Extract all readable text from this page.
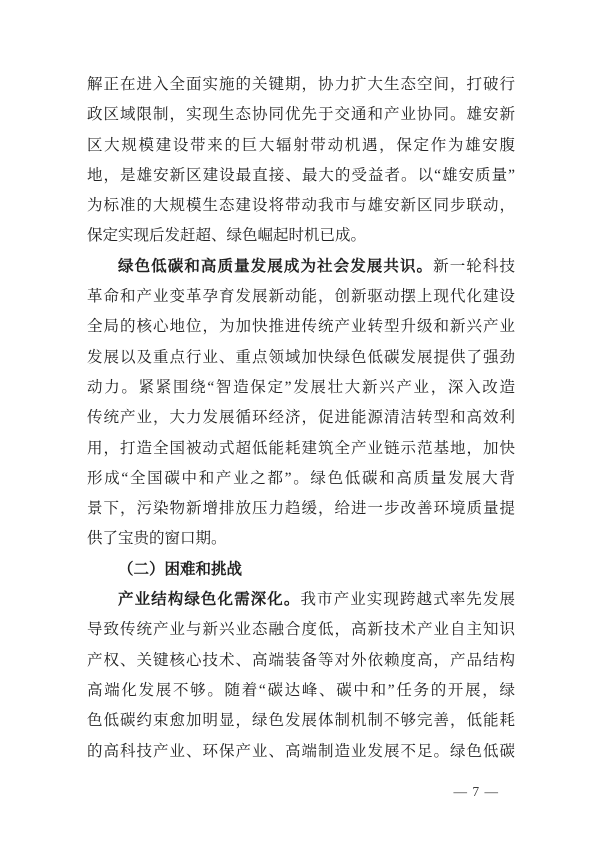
解正在进入全面实施的关键期，协力扩大生态空间，打破行
政区域限制，实现生态协同优先于交通和产业协同。雄安新
区大规模建设带来的巨大辐射带动机遇，保定作为雄安腹
地，是雄安新区建设最直接、最大的受益者。以“雄安质量”
为标准的大规模生态建设将带动我市与雄安新区同步联动，
保定实现后发赶超、绿色崛起时机已成。
绿色低碳和高质量发展成为社会发展共识。新一轮科技
革命和产业变革孕育发展新动能，创新驱动摆上现代化建设
全局的核心地位，为加快推进传统产业转型升级和新兴产业
发展以及重点行业、重点领域加快绿色低碳发展提供了强劲
动力。紧紧围绕“智造保定”发展壮大新兴产业，深入改造
传统产业，大力发展循环经济，促进能源清洁转型和高效利
用，打造全国被动式超低能耗建筑全产业链示范基地，加快
形成“全国碳中和产业之都”。绿色低碳和高质量发展大背
景下，污染物新增排放压力趋缓，给进一步改善环境质量提
供了宝贵的窗口期。
（二）困难和挑战
产业结构绿色化需深化。我市产业实现跨越式率先发展
导致传统产业与新兴业态融合度低，高新技术产业自主知识
产权、关键核心技术、高端装备等对外依赖度高，产品结构
高端化发展不够。随着“碳达峰、碳中和”任务的开展，绿
色低碳约束愈加明显，绿色发展体制机制不够完善，低能耗
的高科技产业、环保产业、高端制造业发展不足。绿色低碳
— 7 —
